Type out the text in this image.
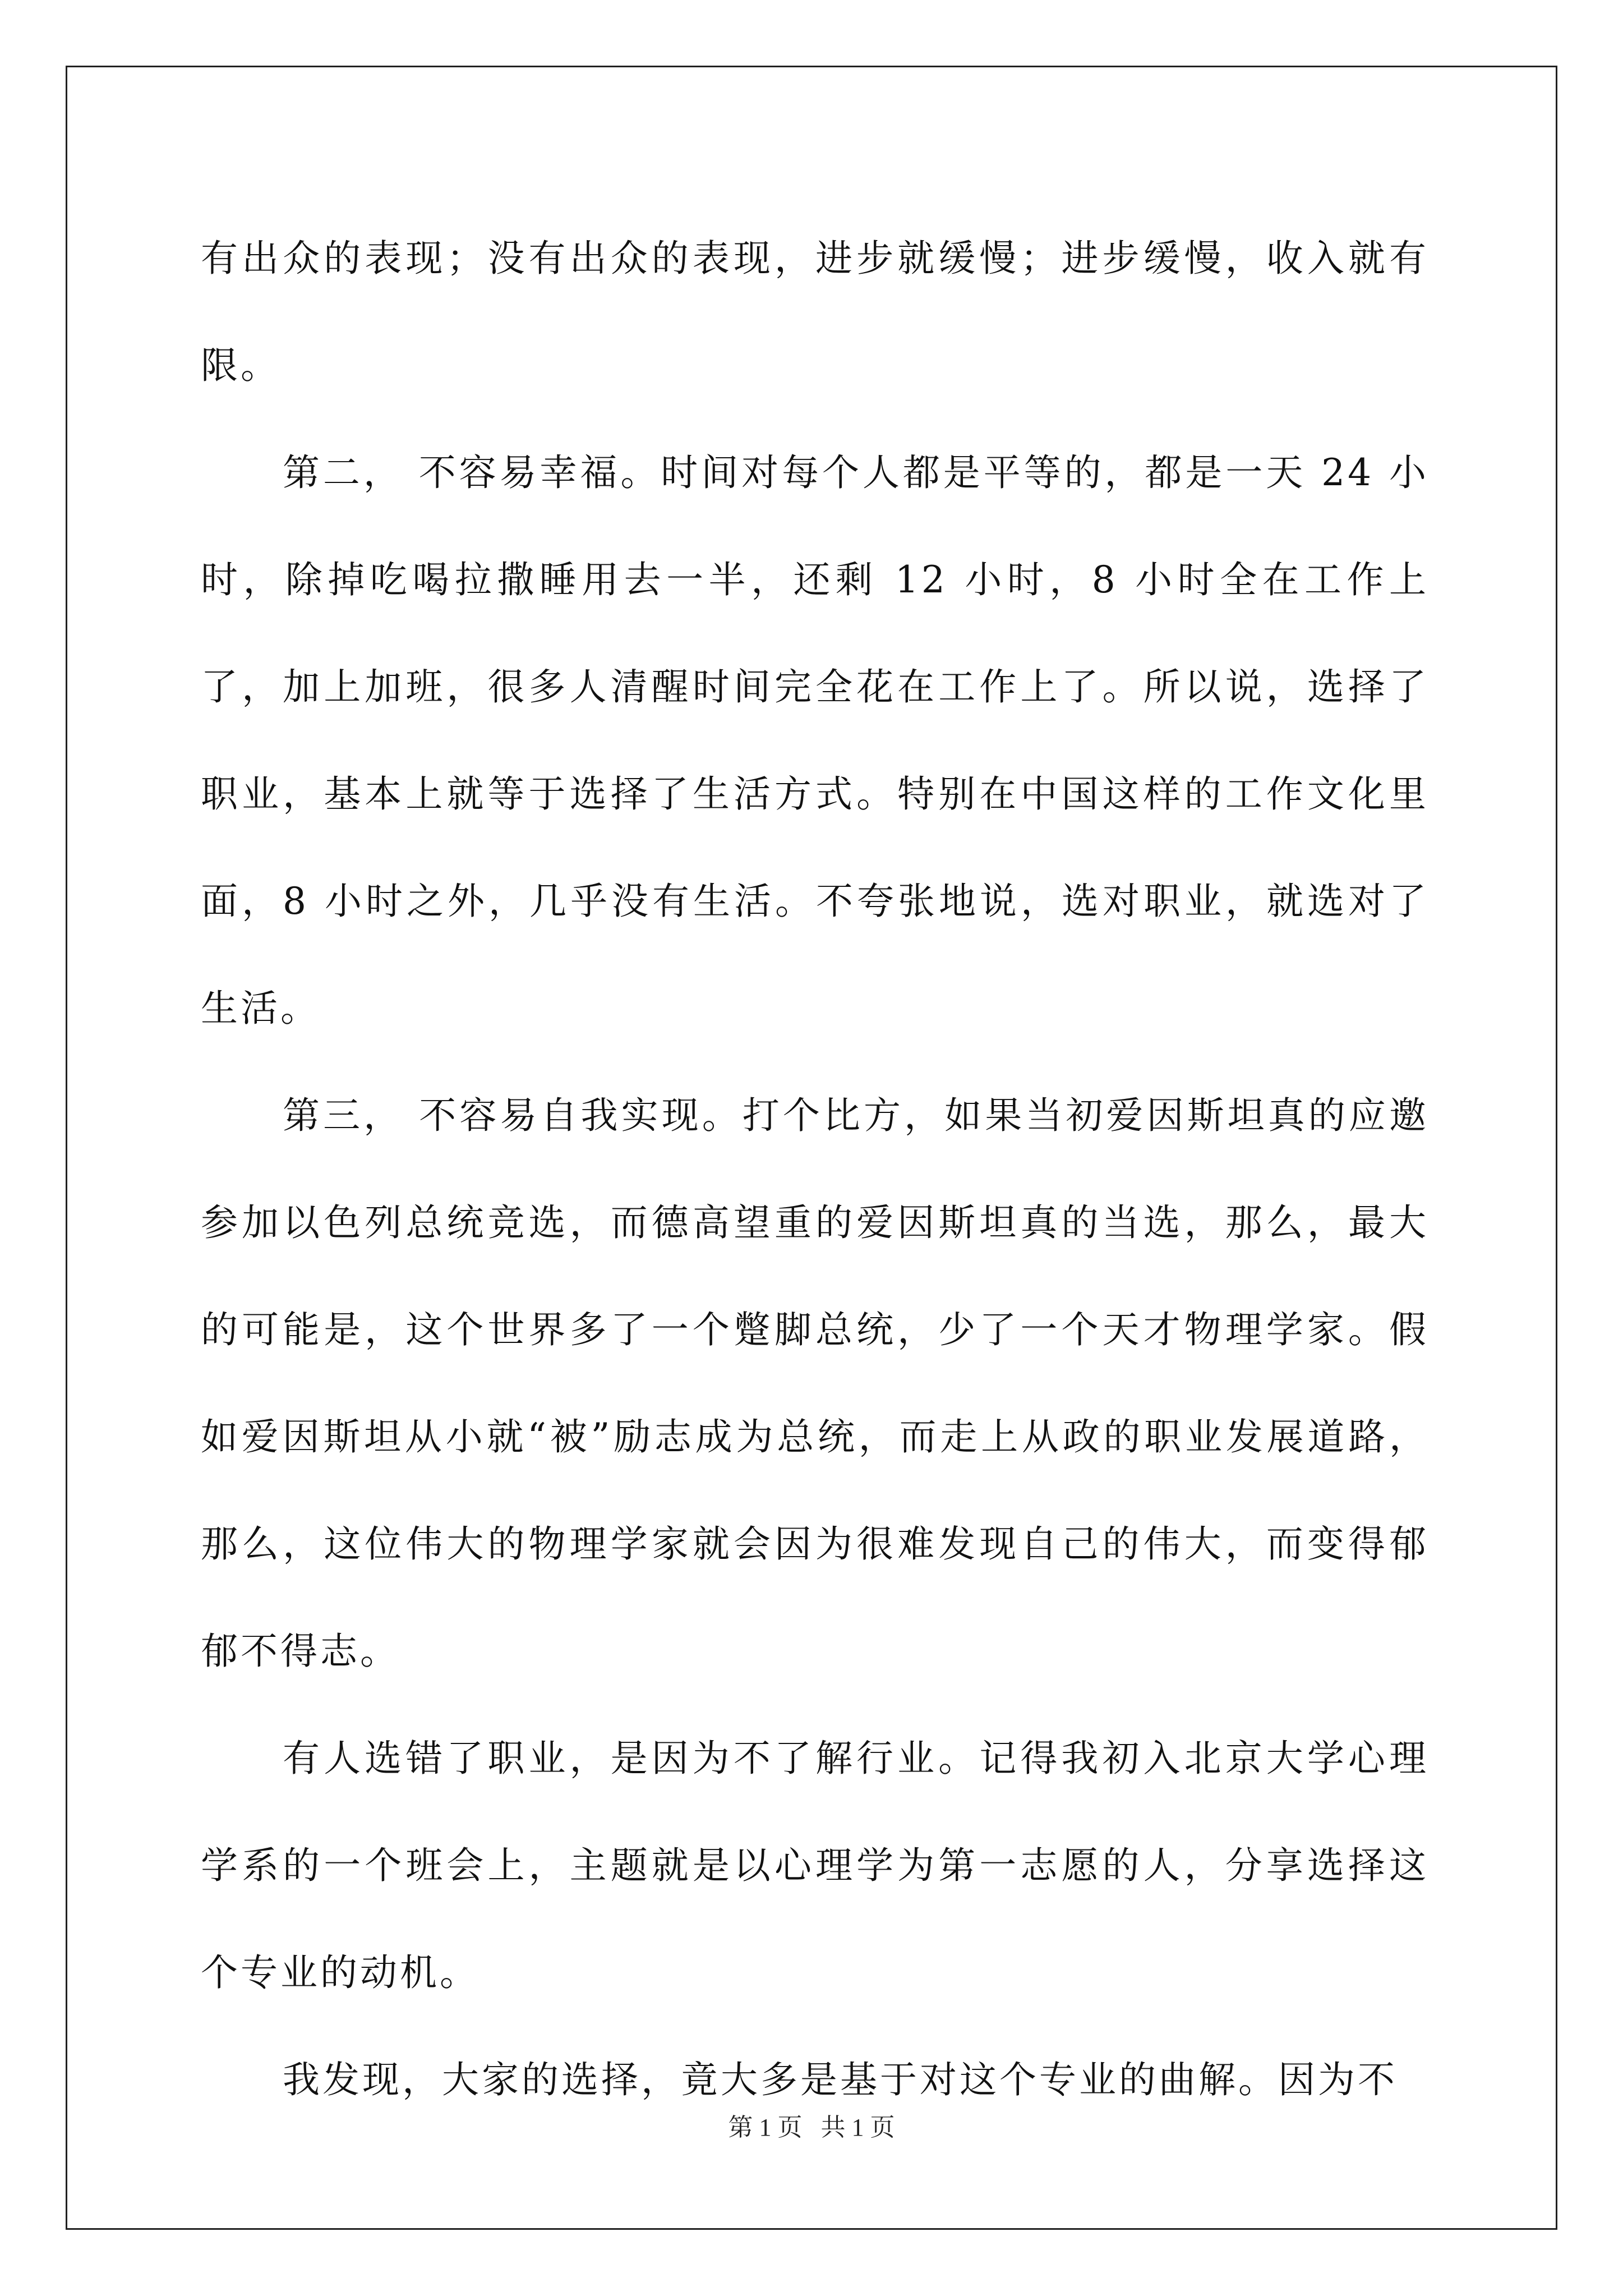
有出众的表现；没有出众的表现，进步就缓慢；进步缓慢，收入就有限。

第二， 不容易幸福。时间对每个人都是平等的，都是一天 24 小时，除掉吃喝拉撒睡用去一半，还剩 12 小时，8 小时全在工作上了，加上加班，很多人清醒时间完全花在工作上了。所以说，选择了职业，基本上就等于选择了生活方式。特别在中国这样的工作文化里面，8 小时之外，几乎没有生活。不夸张地说，选对职业，就选对了生活。

第三， 不容易自我实现。打个比方，如果当初爱因斯坦真的应邀参加以色列总统竞选，而德高望重的爱因斯坦真的当选，那么，最大的可能是，这个世界多了一个蹩脚总统，少了一个天才物理学家。假如爱因斯坦从小就“被”励志成为总统，而走上从政的职业发展道路，那么，这位伟大的物理学家就会因为很难发现自己的伟大，而变得郁郁不得志。

有人选错了职业，是因为不了解行业。记得我初入北京大学心理学系的一个班会上，主题就是以心理学为第一志愿的人，分享选择这个专业的动机。

我发现，大家的选择，竟大多是基于对这个专业的曲解。因为不

第 1 页   共 1 页
